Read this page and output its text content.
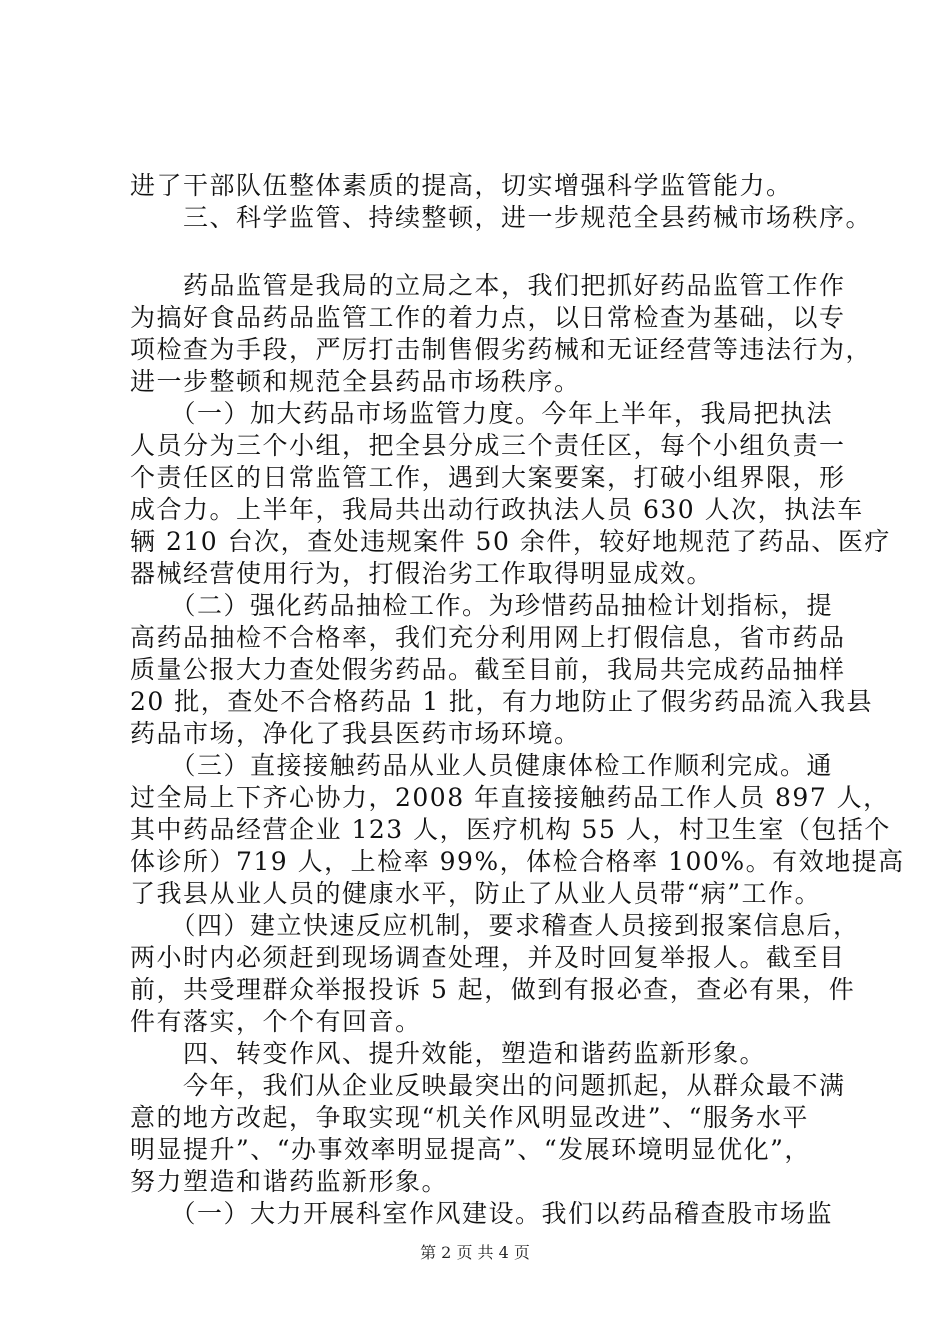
进了干部队伍整体素质的提高，切实增强科学监管能力。
　　三、科学监管、持续整顿，进一步规范全县药械市场秩序。
　　药品监管是我局的立局之本，我们把抓好药品监管工作作
为搞好食品药品监管工作的着力点，以日常检查为基础，以专
项检查为手段，严厉打击制售假劣药械和无证经营等违法行为，
进一步整顿和规范全县药品市场秩序。
　　（一）加大药品市场监管力度。今年上半年，我局把执法
人员分为三个小组，把全县分成三个责任区，每个小组负责一
个责任区的日常监管工作，遇到大案要案，打破小组界限，形
成合力。上半年，我局共出动行政执法人员 630 人次，执法车
辆 210 台次，查处违规案件 50 余件，较好地规范了药品、医疗
器械经营使用行为，打假治劣工作取得明显成效。
　　（二）强化药品抽检工作。为珍惜药品抽检计划指标，提
高药品抽检不合格率，我们充分利用网上打假信息，省市药品
质量公报大力查处假劣药品。截至目前，我局共完成药品抽样
20 批，查处不合格药品 1 批，有力地防止了假劣药品流入我县
药品市场，净化了我县医药市场环境。
　　（三）直接接触药品从业人员健康体检工作顺利完成。通
过全局上下齐心协力，2008 年直接接触药品工作人员 897 人，
其中药品经营企业 123 人，医疗机构 55 人，村卫生室（包括个
体诊所）719 人，上检率 99%，体检合格率 100%。有效地提高
了我县从业人员的健康水平，防止了从业人员带“病”工作。
　　（四）建立快速反应机制，要求稽查人员接到报案信息后，
两小时内必须赶到现场调查处理，并及时回复举报人。截至目
前，共受理群众举报投诉 5 起，做到有报必查，查必有果，件
件有落实，个个有回音。
　　四、转变作风、提升效能，塑造和谐药监新形象。
　　今年，我们从企业反映最突出的问题抓起，从群众最不满
意的地方改起，争取实现“机关作风明显改进”、“服务水平
明显提升”、“办事效率明显提高”、“发展环境明显优化”，
努力塑造和谐药监新形象。
　　（一）大力开展科室作风建设。我们以药品稽查股市场监
第 2 页 共 4 页
